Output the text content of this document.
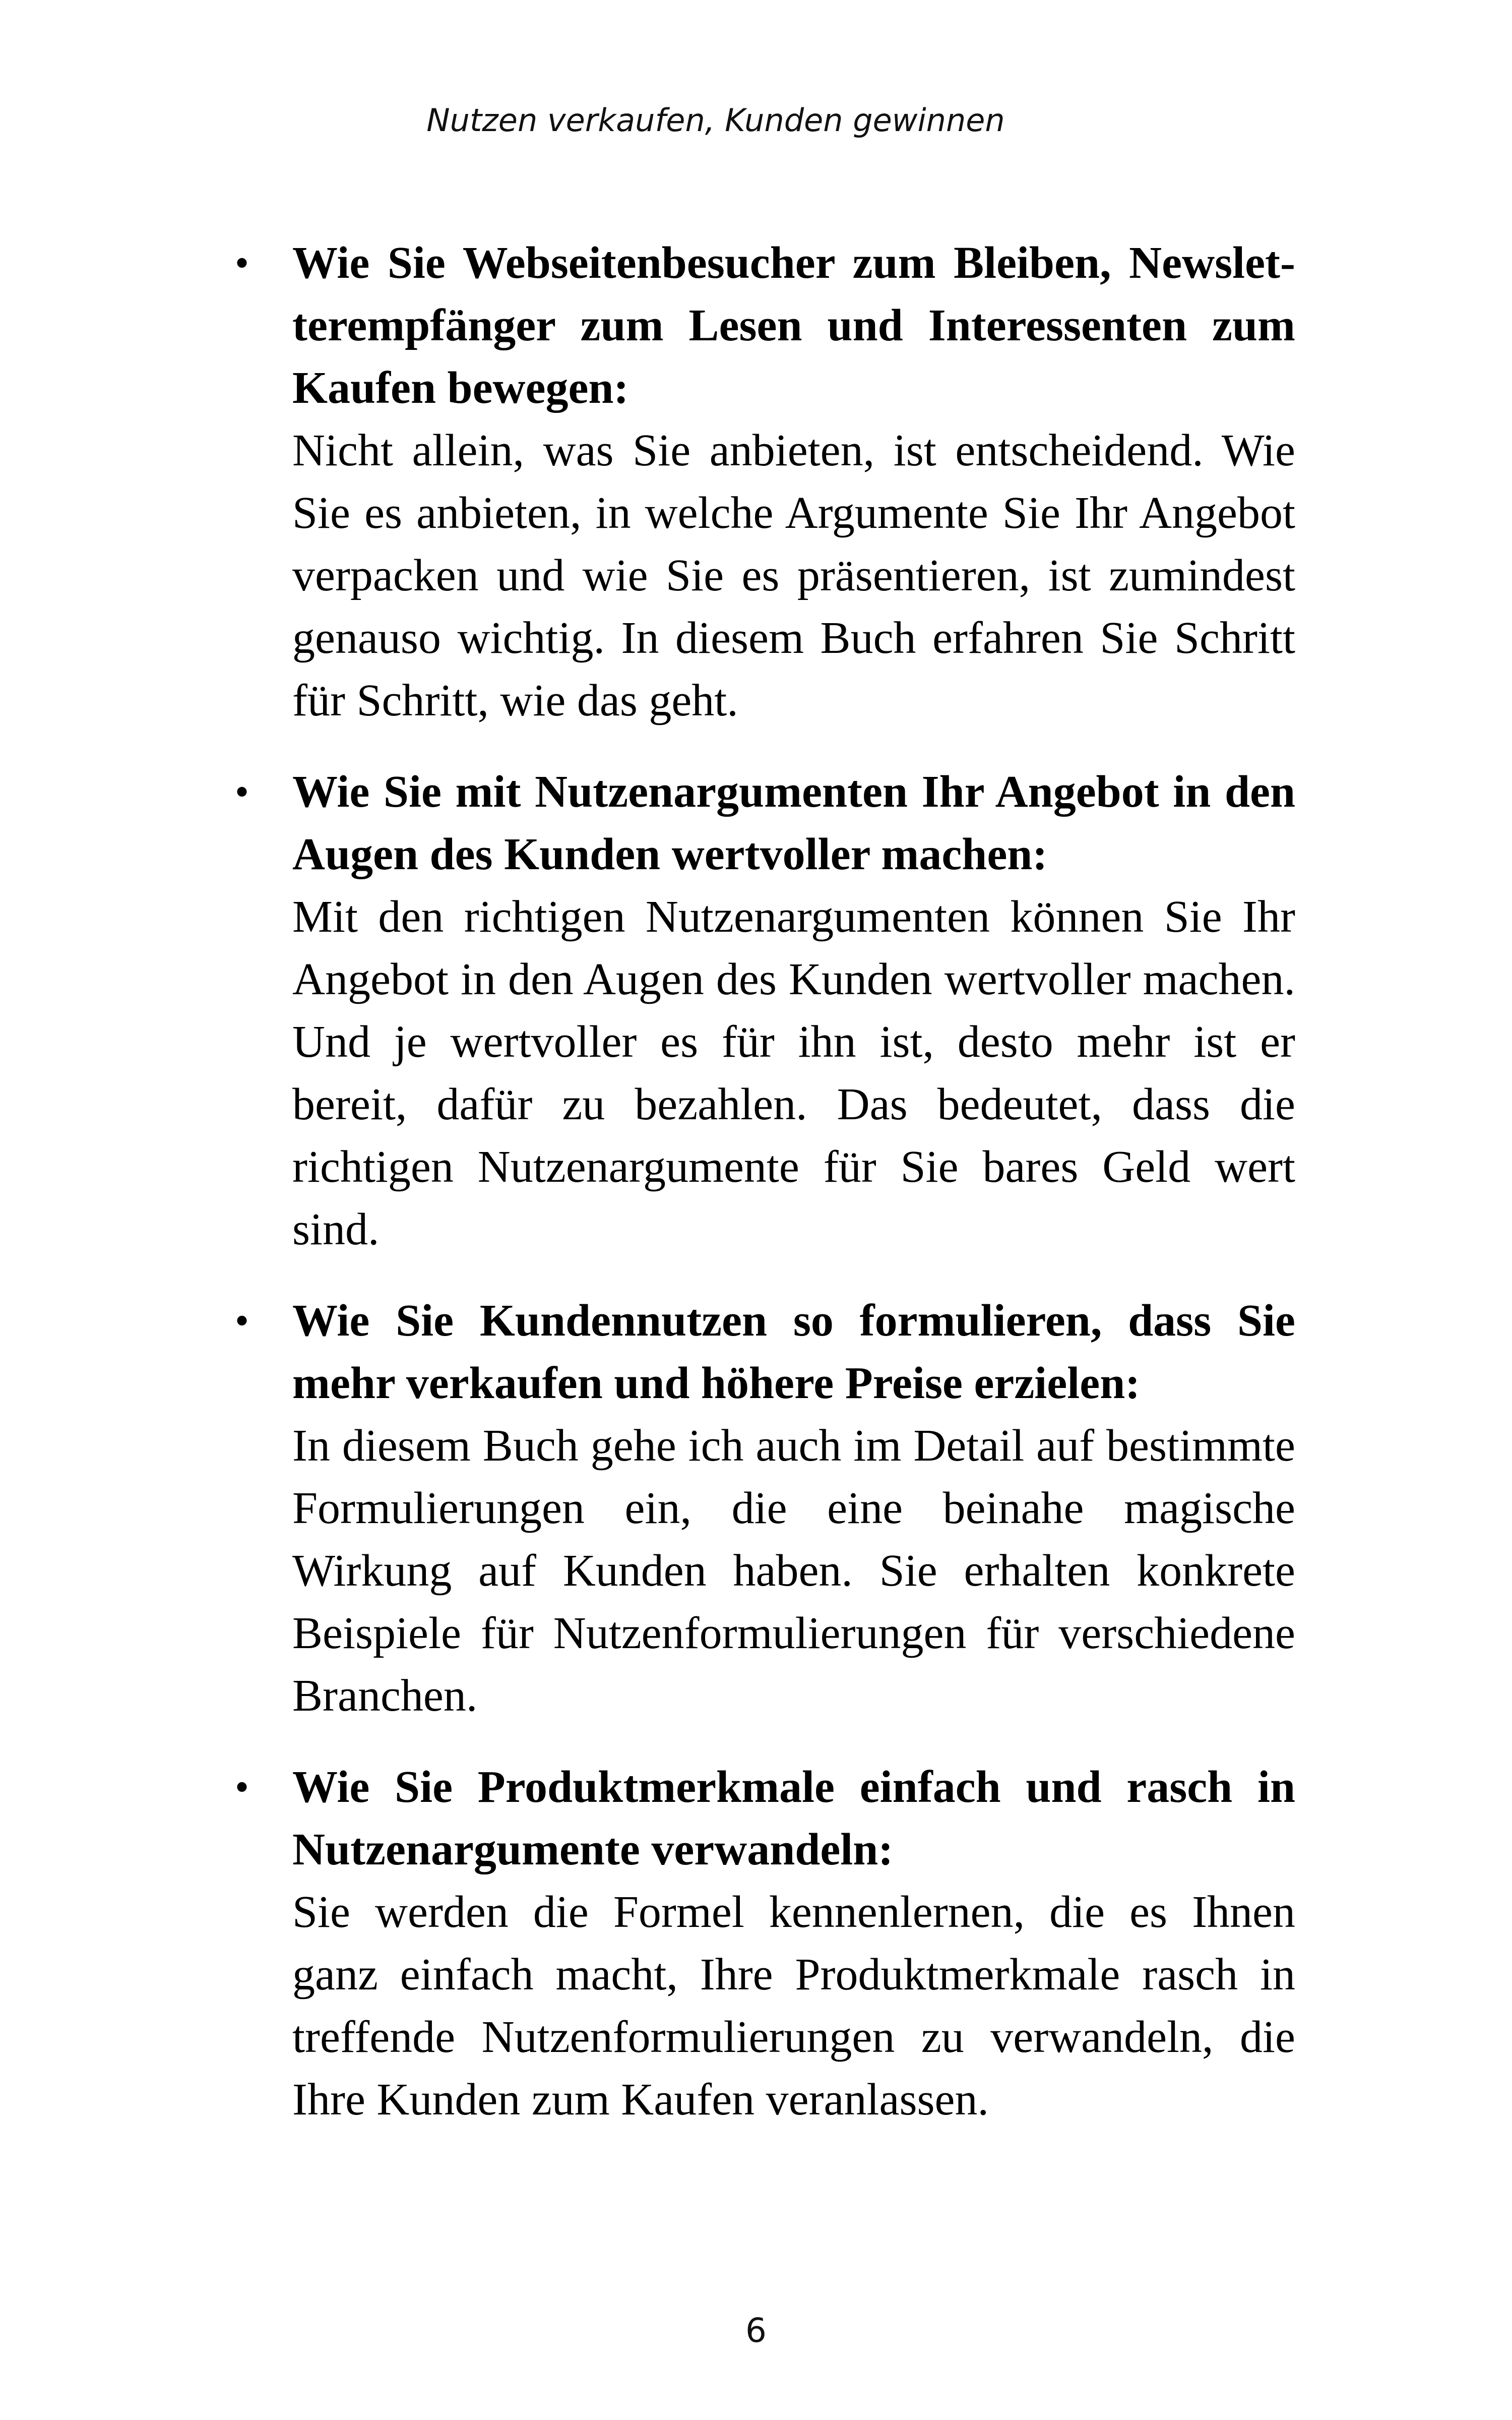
Nutzen verkaufen, Kunden gewinnen
• Wie Sie Webseitenbesucher zum Bleiben, Newsletterempfänger zum Lesen und Interessenten zum Kaufen bewegen:

Nicht allein, was Sie anbieten, ist entscheidend. Wie Sie es anbieten, in welche Argumente Sie Ihr Angebot verpacken und wie Sie es präsentieren, ist zumindest genauso wichtig. In diesem Buch erfahren Sie Schritt für Schritt, wie das geht.

• Wie Sie mit Nutzenargumenten Ihr Angebot in den Augen des Kunden wertvoller machen:

Mit den richtigen Nutzenargumenten können Sie Ihr Angebot in den Augen des Kunden wertvoller machen. Und je wertvoller es für ihn ist, desto mehr ist er bereit, dafür zu bezahlen. Das bedeutet, dass die richtigen Nutzenargumente für Sie bares Geld wert sind.

• Wie Sie Kundennutzen so formulieren, dass Sie mehr verkaufen und höhere Preise erzielen:

In diesem Buch gehe ich auch im Detail auf bestimmte Formulierungen ein, die eine beinahe magische Wirkung auf Kunden haben. Sie erhalten konkrete Beispiele für Nutzenformulierungen für verschiedene Branchen.

• Wie Sie Produktmerkmale einfach und rasch in Nutzenargumente verwandeln:

Sie werden die Formel kennenlernen, die es Ihnen ganz einfach macht, Ihre Produktmerkmale rasch in treffende Nutzenformulierungen zu verwandeln, die Ihre Kunden zum Kaufen veranlassen.

6
